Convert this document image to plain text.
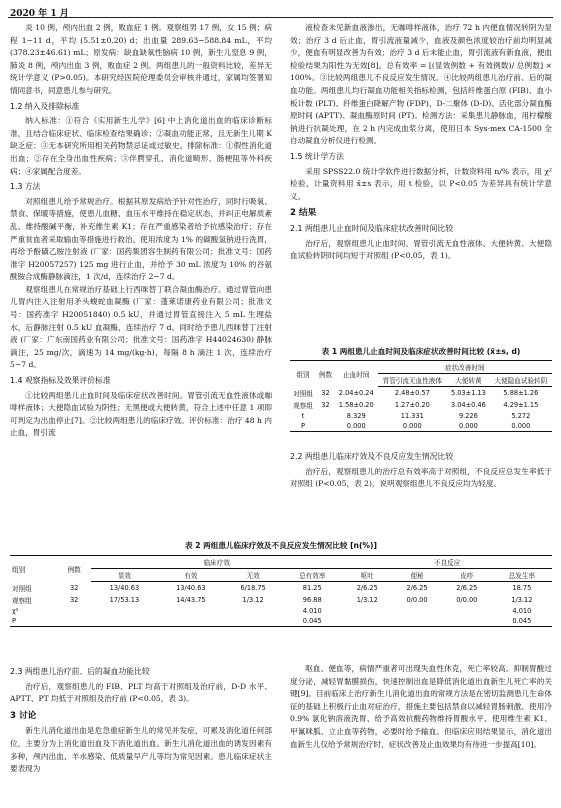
2020 年 1 月

炎 10 例，颅内出血 2 例，败血症 1 例。观察组男 17 例，女 15 例；病程 1~11 d，平均 (5.51±0.20) d；出血量 289.63~588.84 mL，平均 (378.23±46.61) mL；原发病：缺血缺氧性脑病 10 例，新生儿窒息 9 例，肺炎 8 例，颅内出血 3 例，败血症 2 例。两组患儿的一般资料比较，差异无统计学意义 (P>0.05)。本研究经医院伦理委员会审核并通过，家属均签署知情同意书，同意患儿参与研究。

1.2 纳入及排除标准

纳入标准：①符合《实用新生儿学》[6] 中上消化道出血的临床诊断标准，且结合临床症状、临床检查结果确诊；②凝血功能正常，且无新生儿期 K 缺乏症；③无本研究所用相关药物禁忌证或过敏史。排除标准：①假性消化道出血；②存在全身出血性疾病；③伴腭穿孔、消化道畸形、肠梗阻等外科疾病；④家属配合度差。

1.3 方法

对照组患儿给予常规治疗。根据其原发病给予针对性治疗，同时行吸氧、禁食、保暖等措施，使患儿血糖、血压水平维持在稳定状态，并纠正电解质紊乱、维持酸碱平衡，补充维生素 K1；存在严重感染者给予抗感染治疗；存在严重贫血者采取输血等措施进行救治。使用浓度为 1% 的碳酸氢钠进行洗胃，再给予酚磺乙胺注射液 (厂家：国药集团容生制药有限公司；批准文号：国药准字 H20057257) 125 mg 进行止血，并给予 30 mL 浓度为 10% 的谷氨酰胺合成酶静脉滴注，1 次/d，连续治疗 2~7 d。

观察组患儿在常规治疗基础上行西咪替丁联合凝血酶治疗。通过胃管向患儿胃内注入注射用矛头蝮蛇血凝酶 (厂家：蓬莱诺康药业有限公司；批准文号：国药准字 H20051840) 0.5 kU，并通过胃管直接注入 5 mL 生理盐水，后静脉注射 0.5 kU 血凝酶，连续治疗 7 d。同时给予患儿西咪替丁注射液 (厂家：广东南国药业有限公司；批准文号：国药准字 H44024630) 静脉滴注，25 mg/次，滴速为 14 mg/(kg·h)，每隔 8 h 滴注 1 次，连续治疗 5~7 d。

1.4 观察指标及效果评价标准

①比较两组患儿止血时间及临床症状改善时间。胃管引流无血性液体或咖啡样液体；大便隐血试验为阴性；无黑便或大便转黄，符合上述中任意 1 项即可判定为出血停止[7]。②比较两组患儿的临床疗效。评价标准：治疗 48 h 内止血，胃引流

液检查未见新血液渗出，无咖啡样液体，治疗 72 h 内便血情况转阴为显效；治疗 3 d 后止血，胃引流液量减少，血液及颜色浓度较治疗前均明显减少，便血有明显改善为有效；治疗 3 d 后未能止血，胃引流液有新血液，便血检验结果为阳性为无效[8]。总有效率 = [(显效例数 + 有效例数)/ 总例数] × 100%。③比较两组患儿不良反应发生情况。④比较两组患儿治疗前、后的凝血功能。两组患儿均行凝血功能相关指标检测，包括纤维蛋白原 (FIB)、血小板计数 (PLT)、纤维蛋白降解产物 (FDP)、D-二聚体 (D-D)、活化部分凝血酶原时间 (APTT)、凝血酶原时间 (PT)。检测方法：采集患儿静脉血，用柠檬酸钠进行抗凝处理，在 2 h 内完成血浆分离，使用日本 Sys-mex CA-1500 全自动凝血分析仪进行检测。

1.5 统计学方法

采用 SPSS22.0 统计学软件进行数据分析，计数资料用 n/% 表示，用 χ² 检验，计量资料用 x̄±s 表示，用 t 检验，以 P<0.05 为差异具有统计学意义。

2 结果

2.1 两组患儿止血时间及临床症状改善时间比较

治疗后，观察组患儿止血时间、胃管引流无血性液体、大便转黄、大便隐血试验转阴时间均短于对照组 (P<0.05，表 1)。

表 1 两组患儿止血时间及临床症状改善时间比较 (x̄±s, d)
组别	例数	止血时间	症状改善时间		
			胃管引流无血性液体	大便转黄	大便隐血试验转阴
对照组	32	2.04±0.24	2.48±0.57	5.03±1.13	5.88±1.26
观察组	32	1.58±0.20	1.27±0.20	3.04±0.46	4.29±1.15
t		8.329	11.331	9.226	5.272
P		0.000	0.000	0.000	0.000

2.2 两组患儿临床疗效及不良反应发生情况比较

治疗后，观察组患儿的治疗总有效率高于对照组，不良反应总发生率低于对照组 (P<0.05，表 2)，说明观察组患儿不良反应均为轻度。

表 2 两组患儿临床疗效及不良反应发生情况比较 [n(%)]
组别	例数	临床疗效				不良反应			
		显效	有效	无效	总有效率	呕吐	便秘	皮疹	总发生率
对照组	32	13/40.63	13/40.63	6/18.75	81.25	2/6.25	2/6.25	2/6.25	18.75
观察组	32	17/53.13	14/43.75	1/3.12	96.88	1/3.12	0/0.00	0/0.00	1/3.12
χ²					4.010				4.010
P					0.045				0.045

2.3 两组患儿治疗前、后的凝血功能比较

治疗后，观察组患儿的 FIB、PLT 均高于对照组及治疗前，D-D 水平、APTT、PT 均低于对照组及治疗前 (P<0.05，表 3)。

3 讨论

新生儿消化道出血是危急重症新生儿的常见并发症，可累及消化道任何部位，主要分为上消化道出血及下消化道出血。新生儿消化道出血的诱发因素有多种，颅内出血、羊水感染、低质量早产儿等均为常见因素。患儿临床症状主要表现为

呕血、便血等，病情严重者可出现失血性休克，死亡率较高。抑制胃酸过度分泌，减轻胃黏膜损伤，快速控制出血是降低消化道出血新生儿死亡率的关键[9]。目前临床上治疗新生儿消化道出血的常规方法是在密切监测患儿生命体征的基础上积极行止血对症治疗，措施主要包括禁食以减轻胃肠刺激、使用冷 0.9% 氯化钠溶液洗胃、给予高效抗酸药物维持胃酸水平、使用维生素 K1、甲氰咪胍、立止血等药物，必要时给予输血。但临床应用结果显示，消化道出血新生儿仅给予常规治疗时，症状改善及止血效果均有待进一步提高[10]。
